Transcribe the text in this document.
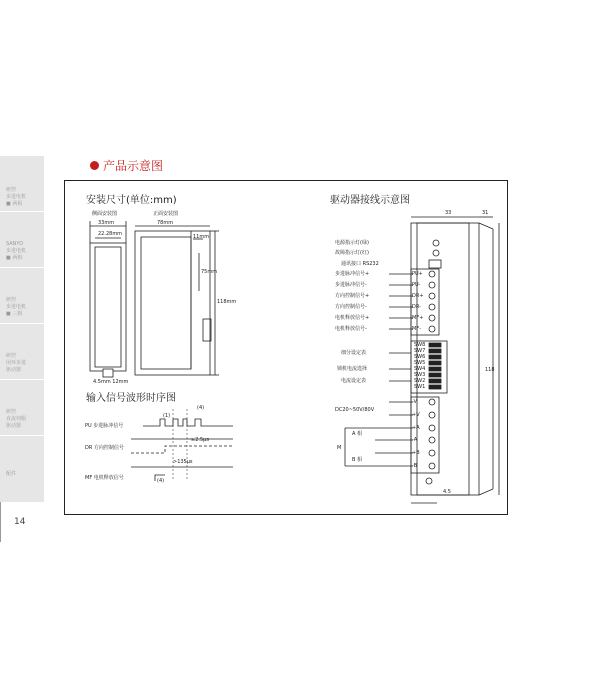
研控
步进电机
■ 两相
SANYO
步进电机
■ 两相
研控
步进电机
■ 三相
研控
闭环步进
驱动器
研控
直流伺服
驱动器
配件
14
产品示意图
安装尺寸(单位:mm)
侧面安装图
33mm
22.28mm
正面安装图
78mm
11mm
75mm
118mm
4.5mm 12mm
输入信号波形时序图
PU 步进脉冲信号
DR 方向控制信号
MF 电机释放信号
(1)
(4)
≥2.5μs
>135μs
(4)
驱动器接线示意图
33	31
118
4.5
电源指示灯(绿)
故障指示灯(红)
通讯接口 RS232
步进脉冲信号+	PU+
步进脉冲信号-	PU-
方向控制信号+	DR+
方向控制信号-	DR-
电机释放信号+	MF+
电机释放信号-	MF-
SW8
SW7
SW6
SW5
SW4
SW3
SW2
SW1
细分设定表
锁机电流选择
电流设定表
DC20~50V/80V
-V
+V
+A
-A
+B
-B
A 相
B 相
M
